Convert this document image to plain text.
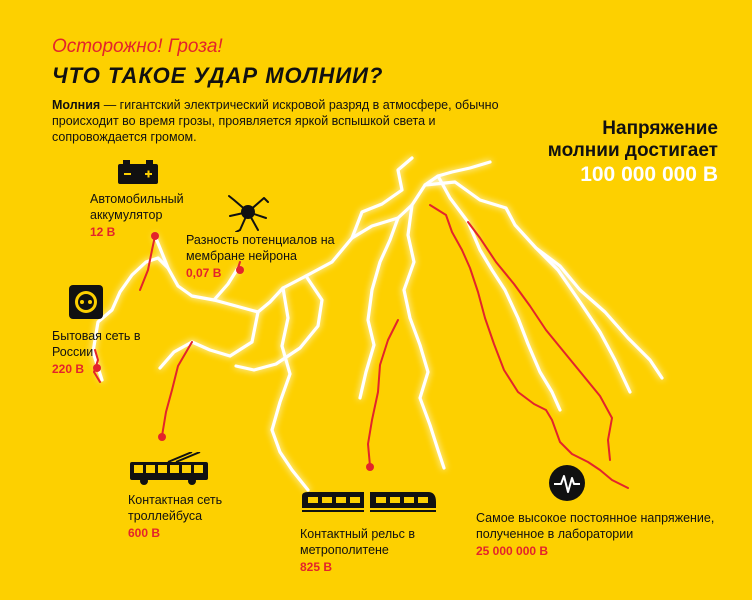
Осторожно! Гроза!
ЧТО ТАКОЕ УДАР МОЛНИИ?
Молния — гигантский электрический искровой разряд в атмосфере, обычно происходит во время грозы, проявляется яркой вспышкой света и сопровождается громом.	Напряжение
молнии достигает
100 000 000 В
Автомобильный аккумулятор
12 В
Разность потенциалов на мембране нейрона
0,07 В
Бытовая сеть в России
220 В
Контактная сеть троллейбуса
600 В	Контактный рельс в метрополитене
825 В
Самое высокое постоянное напряжение, полученное в лаборатории
25 000 000 В
